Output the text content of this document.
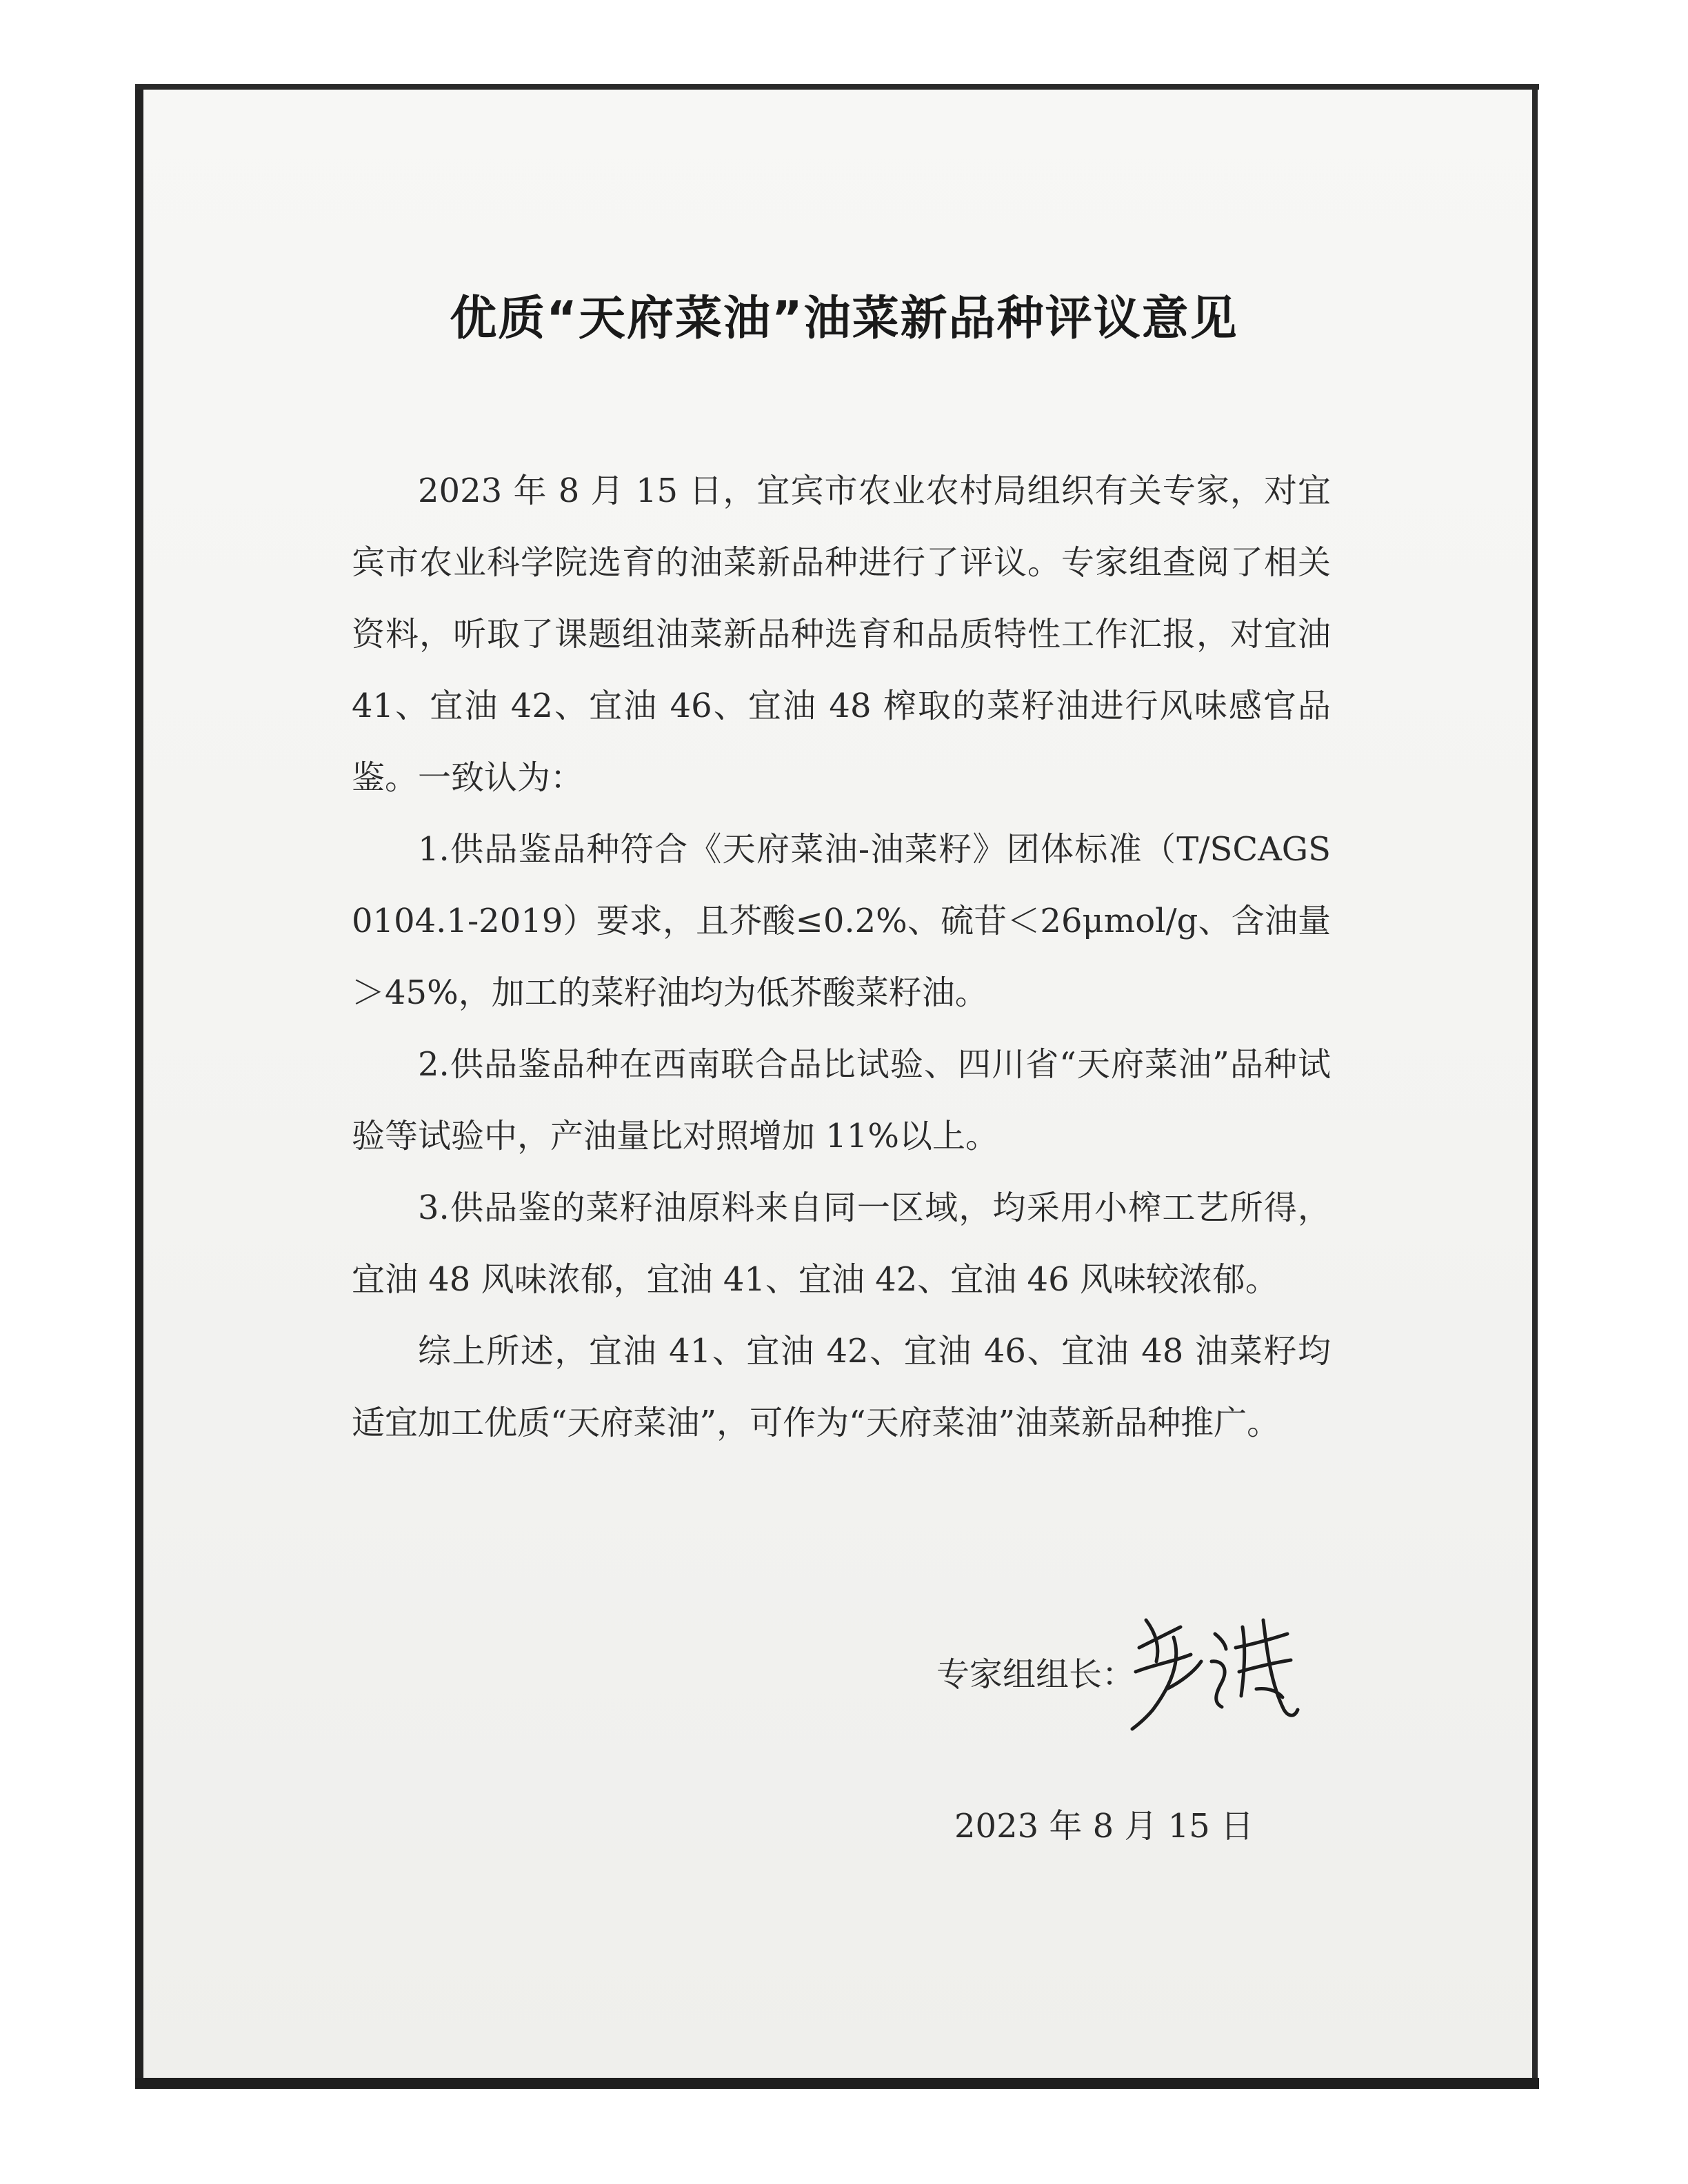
优质“天府菜油”油菜新品种评议意见

2023 年 8 月 15 日，宜宾市农业农村局组织有关专家，对宜宾市农业科学院选育的油菜新品种进行了评议。专家组查阅了相关资料，听取了课题组油菜新品种选育和品质特性工作汇报，对宜油 41、宜油 42、宜油 46、宜油 48 榨取的菜籽油进行风味感官品鉴。一致认为：

1.供品鉴品种符合《天府菜油-油菜籽》团体标准（T/SCAGS 0104.1-2019）要求，且芥酸≤0.2%、硫苷＜26μmol/g、含油量＞45%，加工的菜籽油均为低芥酸菜籽油。

2.供品鉴品种在西南联合品比试验、四川省“天府菜油”品种试验等试验中，产油量比对照增加 11%以上。

3.供品鉴的菜籽油原料来自同一区域，均采用小榨工艺所得，宜油 48 风味浓郁，宜油 41、宜油 42、宜油 46 风味较浓郁。

综上所述，宜油 41、宜油 42、宜油 46、宜油 48 油菜籽均适宜加工优质“天府菜油”，可作为“天府菜油”油菜新品种推广。

专家组组长：
2023 年 8 月 15 日
